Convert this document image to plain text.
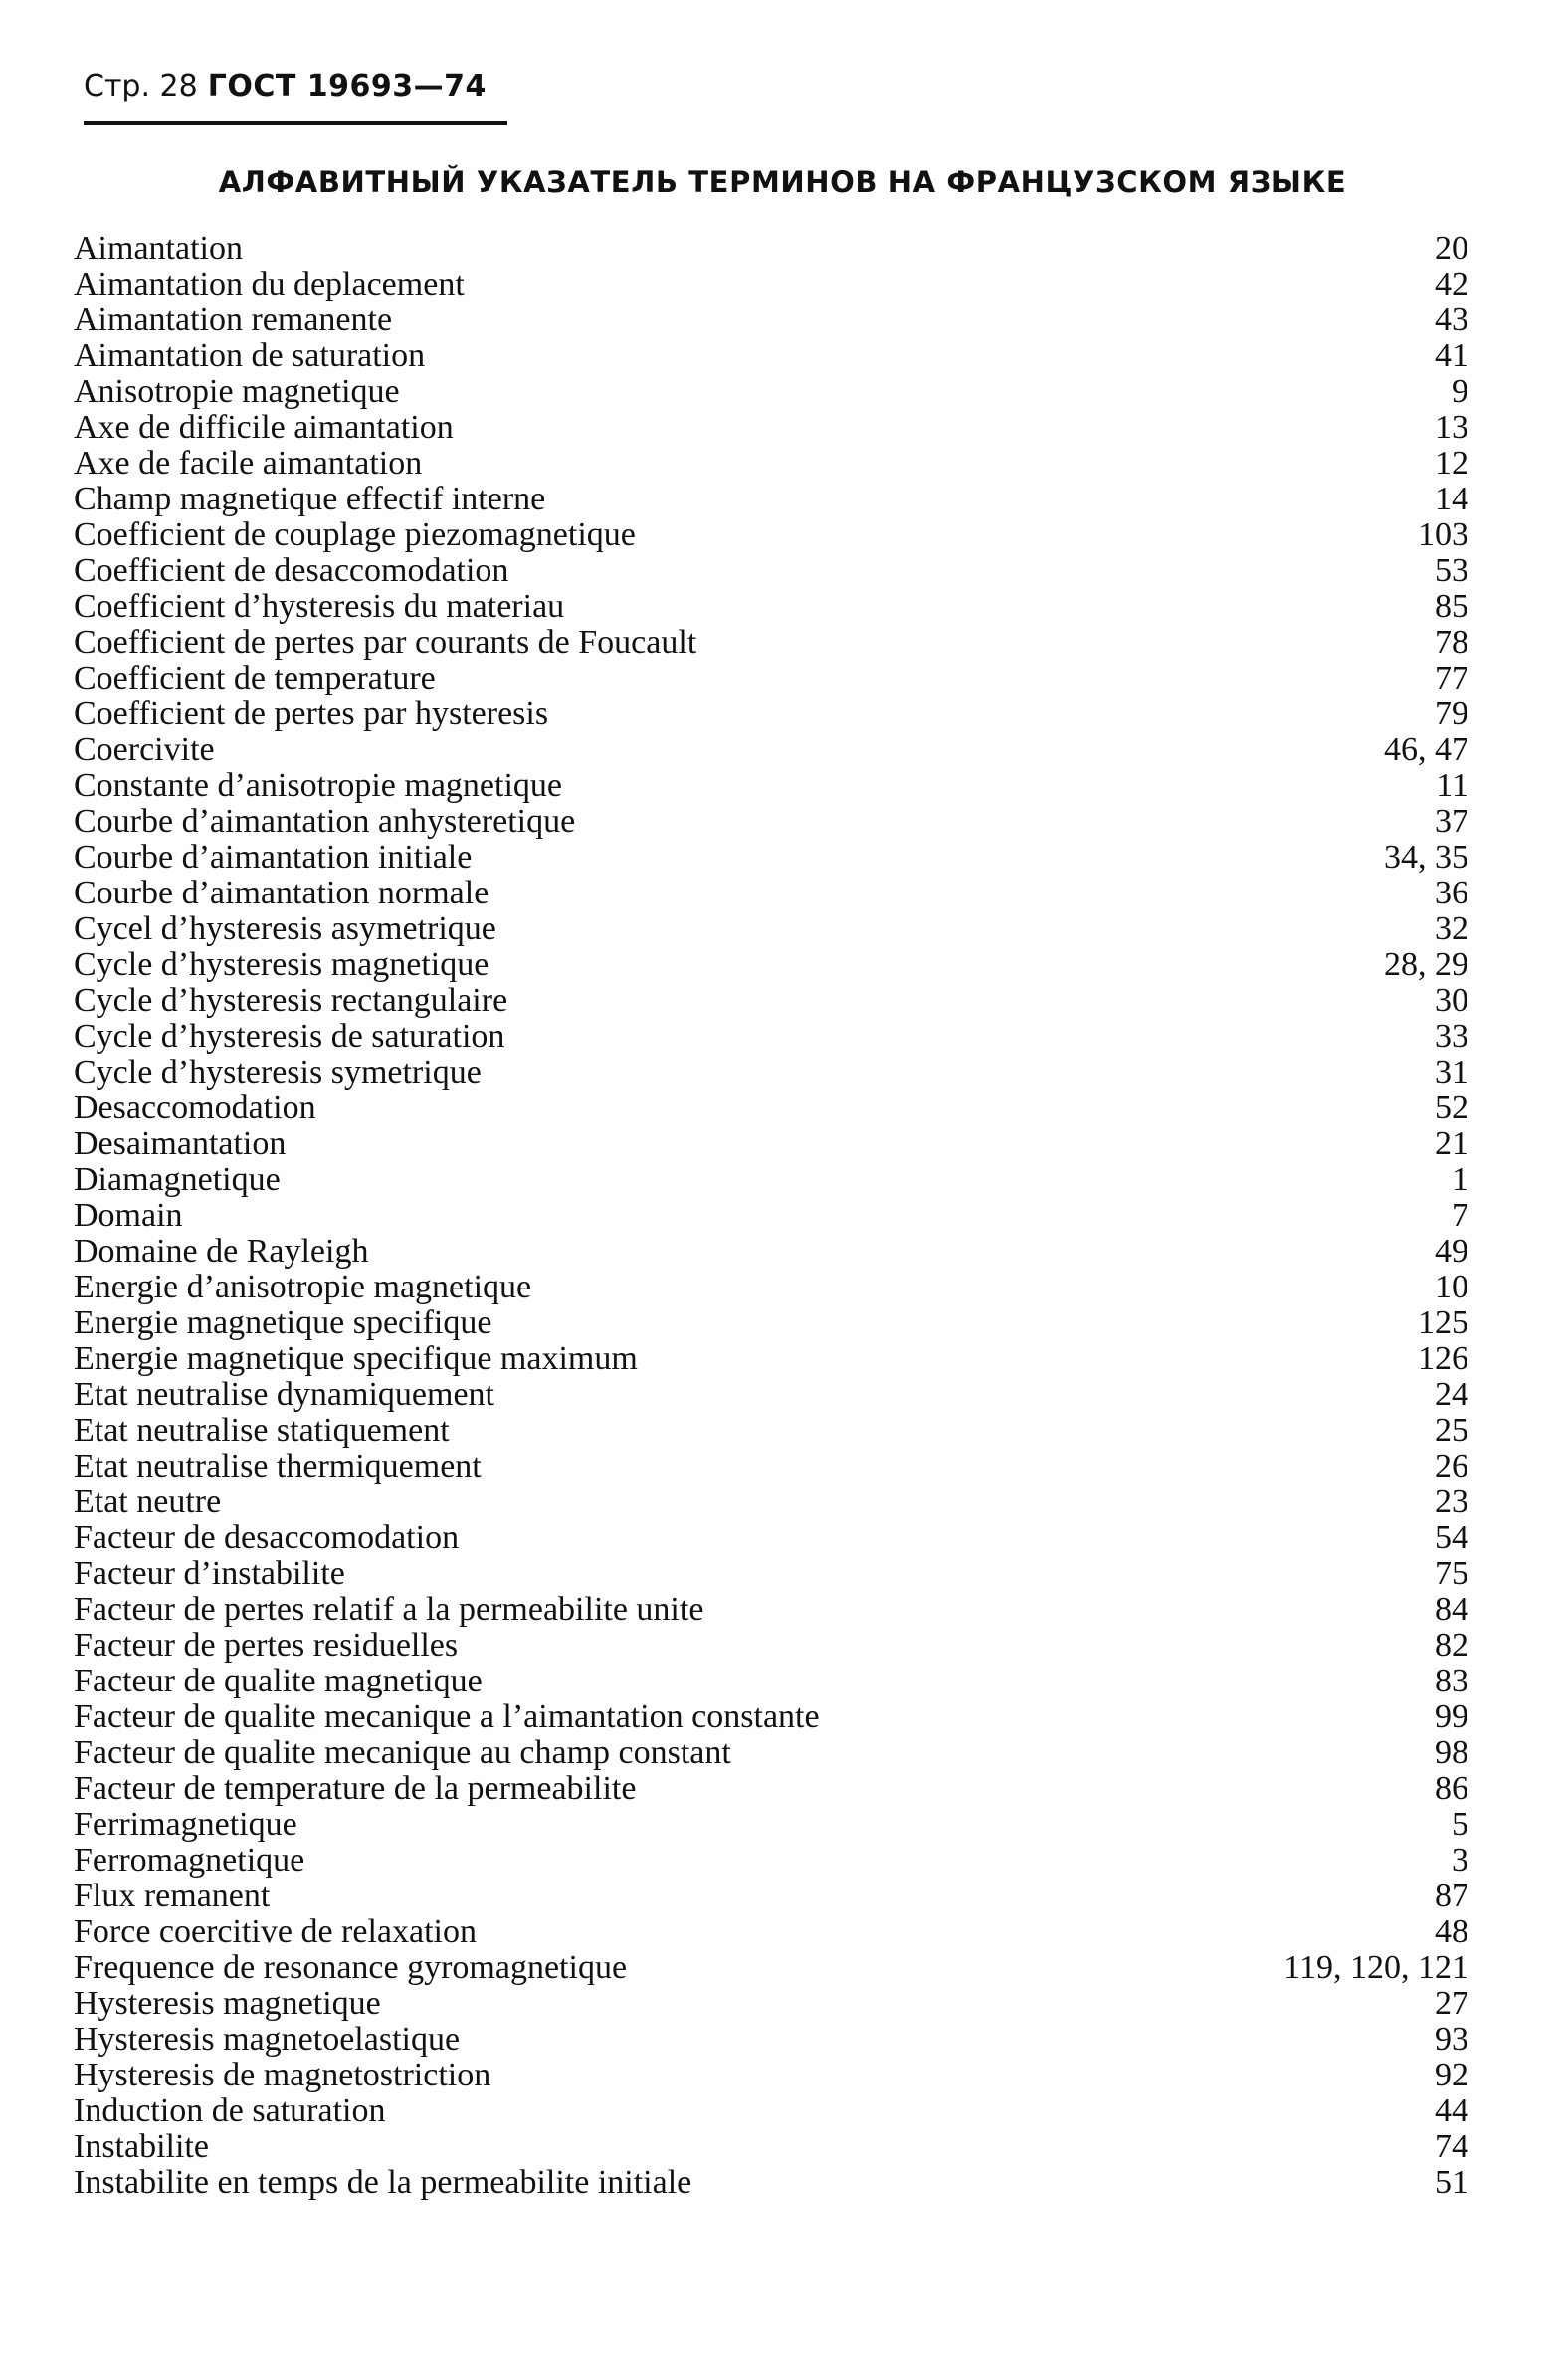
Стр. 28 ГОСТ 19693—74
АЛФАВИТНЫЙ УКАЗАТЕЛЬ ТЕРМИНОВ НА ФРАНЦУЗСКОМ ЯЗЫКЕ
Aimantation	20
Aimantation du deplacement	42
Aimantation remanente	43
Aimantation de saturation	41
Anisotropie magnetique	9
Axe de difficile aimantation	13
Axe de facile aimantation	12
Champ magnetique effectif interne	14
Coefficient de couplage piezomagnetique	103
Coefficient de desaccomodation	53
Coefficient d’hysteresis du materiau	85
Coefficient de pertes par courants de Foucault	78
Coefficient de temperature	77
Coefficient de pertes par hysteresis	79
Coercivite	46, 47
Constante d’anisotropie magnetique	11
Courbe d’aimantation anhysteretique	37
Courbe d’aimantation initiale	34, 35
Courbe d’aimantation normale	36
Cycel d’hysteresis asymetrique	32
Cycle d’hysteresis magnetique	28, 29
Cycle d’hysteresis rectangulaire	30
Cycle d’hysteresis de saturation	33
Cycle d’hysteresis symetrique	31
Desaccomodation	52
Desaimantation	21
Diamagnetique	1
Domain	7
Domaine de Rayleigh	49
Energie d’anisotropie magnetique	10
Energie magnetique specifique	125
Energie magnetique specifique maximum	126
Etat neutralise dynamiquement	24
Etat neutralise statiquement	25
Etat neutralise thermiquement	26
Etat neutre	23
Facteur de desaccomodation	54
Facteur d’instabilite	75
Facteur de pertes relatif a la permeabilite unite	84
Facteur de pertes residuelles	82
Facteur de qualite magnetique	83
Facteur de qualite mecanique a l’aimantation constante	99
Facteur de qualite mecanique au champ constant	98
Facteur de temperature de la permeabilite	86
Ferrimagnetique	5
Ferromagnetique	3
Flux remanent	87
Force coercitive de relaxation	48
Frequence de resonance gyromagnetique	119, 120, 121
Hysteresis magnetique	27
Hysteresis magnetoelastique	93
Hysteresis de magnetostriction	92
Induction de saturation	44
Instabilite	74
Instabilite en temps de la permeabilite initiale	51
